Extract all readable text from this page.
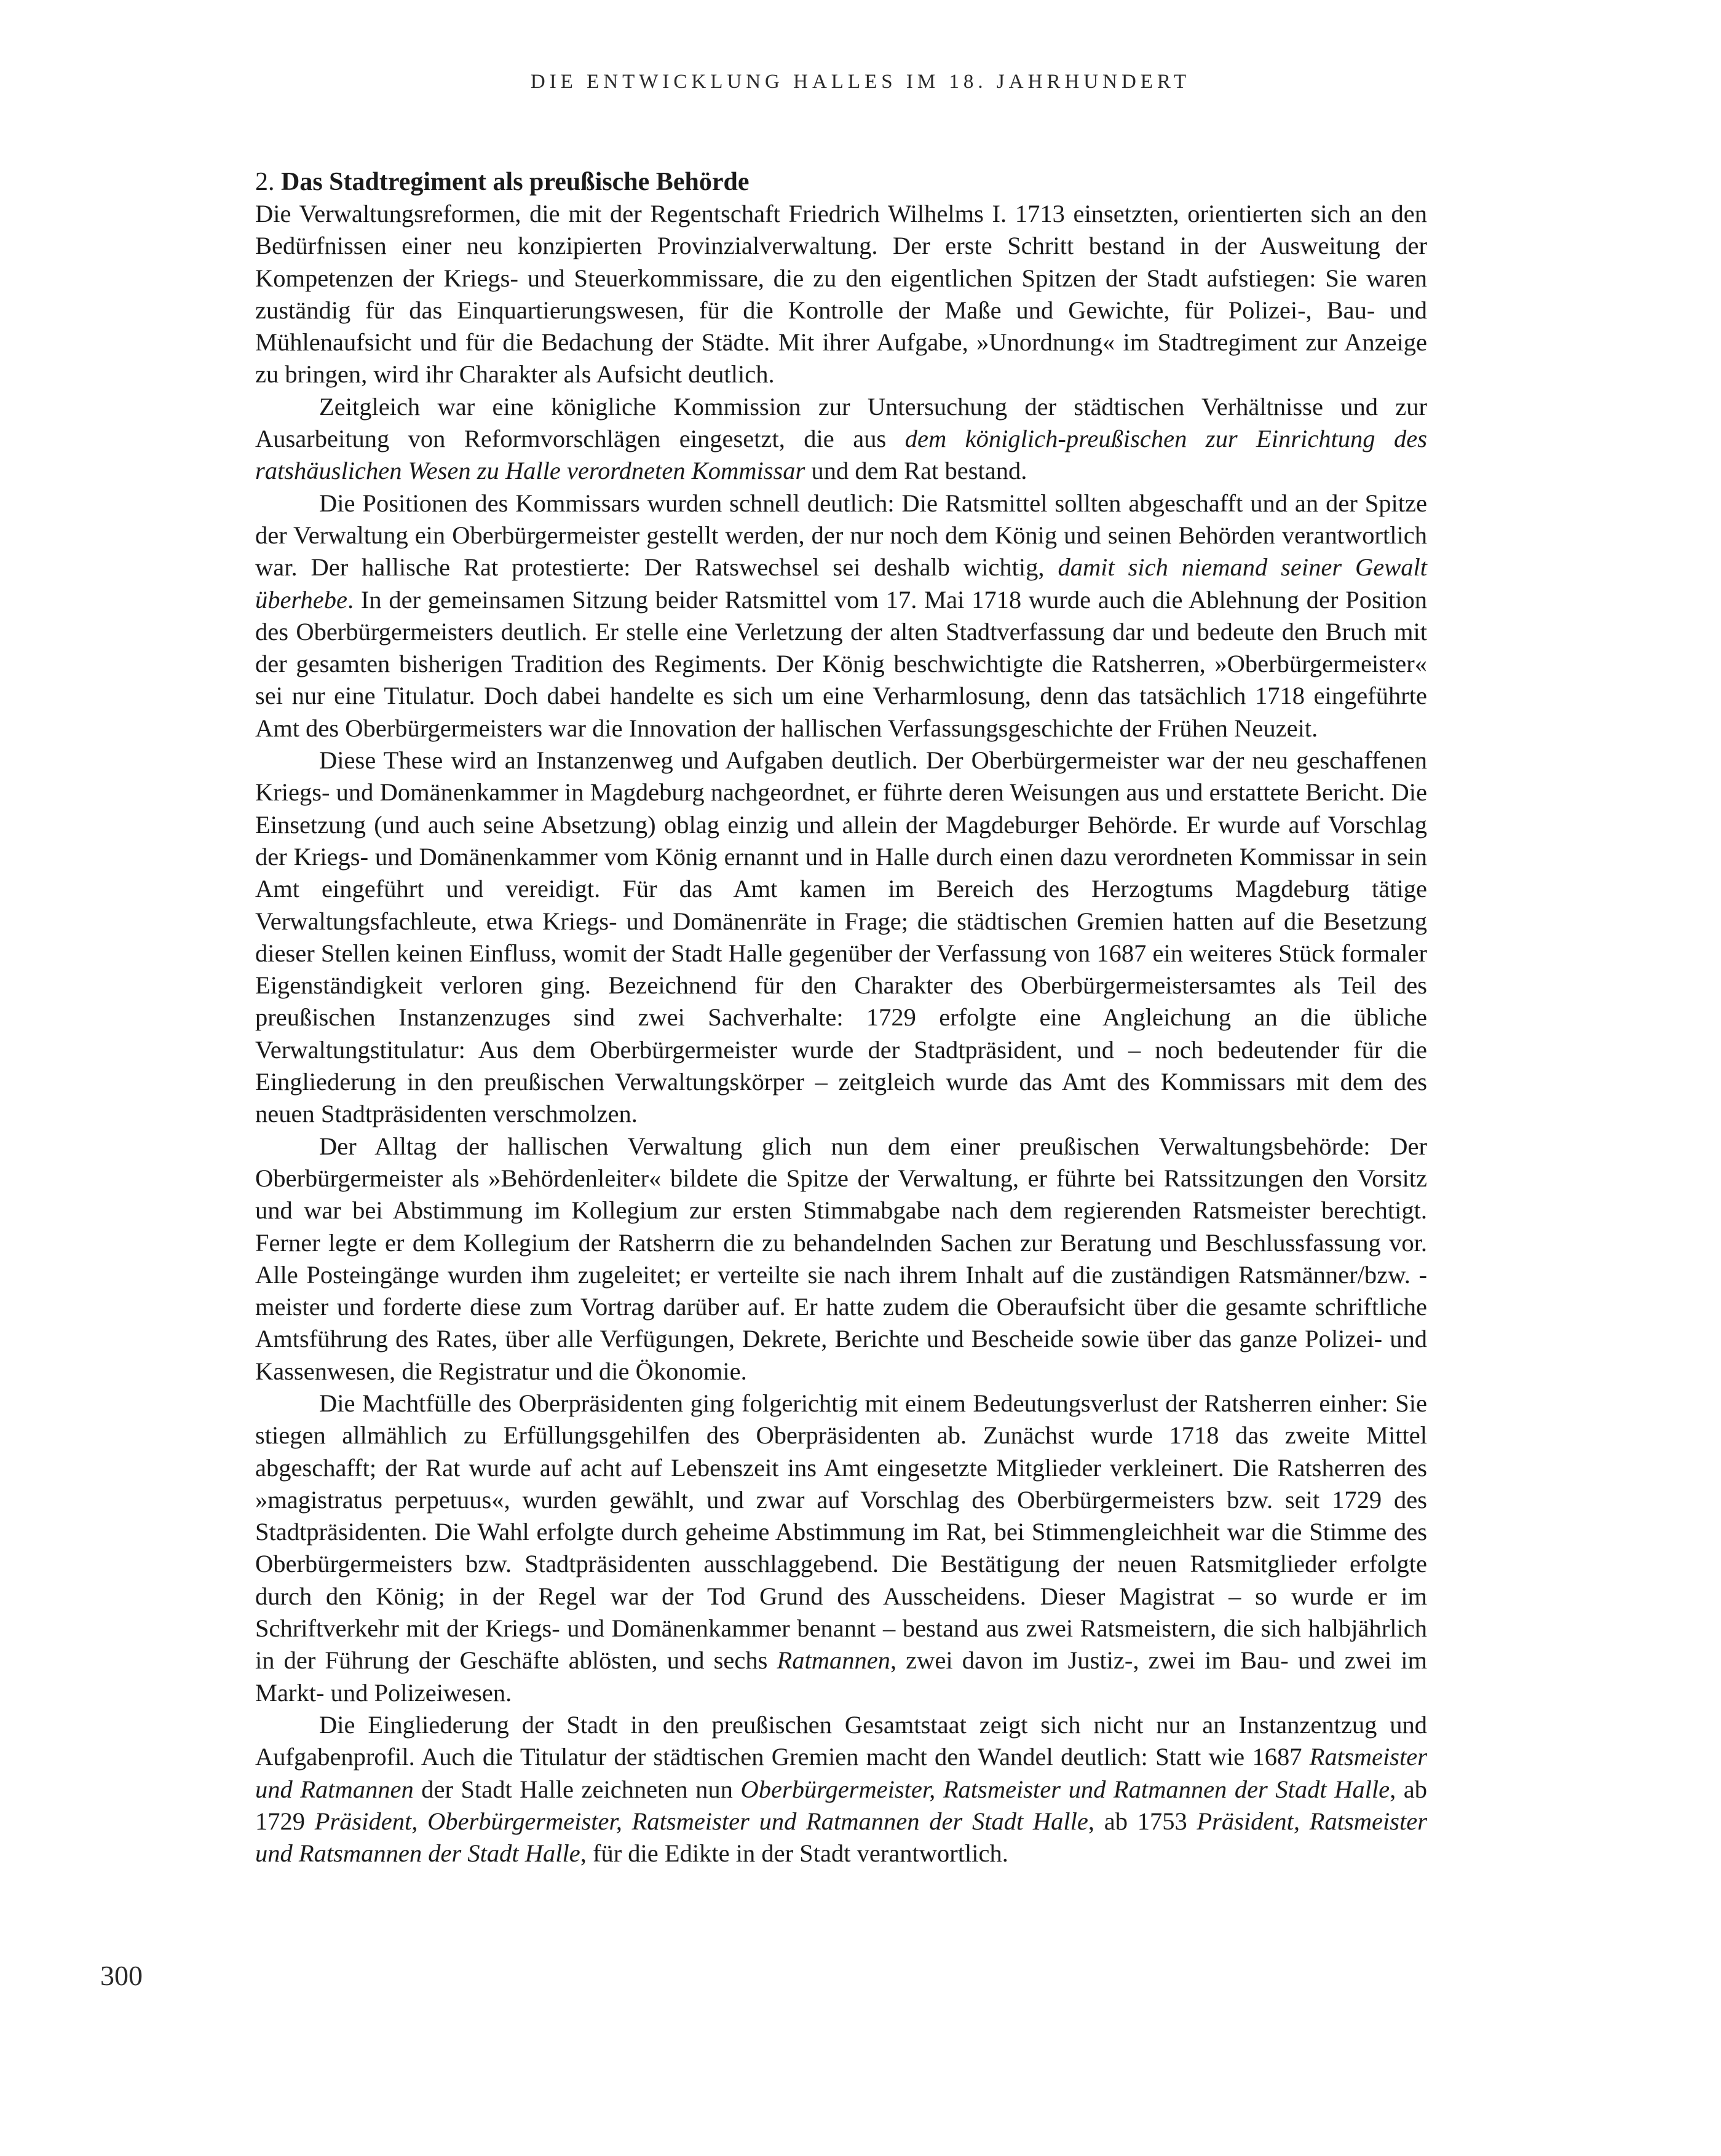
DIE ENTWICKLUNG HALLES IM 18. JAHRHUNDERT
2. Das Stadtregiment als preußische Behörde

Die Verwaltungsreformen, die mit der Regentschaft Friedrich Wilhelms I. 1713 einsetzten, orientierten sich an den Bedürfnissen einer neu konzipierten Provinzialverwaltung. Der erste Schritt bestand in der Ausweitung der Kompetenzen der Kriegs- und Steuerkommissare, die zu den eigentlichen Spitzen der Stadt aufstiegen: Sie waren zuständig für das Einquartierungswesen, für die Kontrolle der Maße und Gewichte, für Polizei-, Bau- und Mühlenaufsicht und für die Bedachung der Städte. Mit ihrer Aufgabe, »Unordnung« im Stadtregiment zur Anzeige zu bringen, wird ihr Charakter als Aufsicht deutlich.

Zeitgleich war eine königliche Kommission zur Untersuchung der städtischen Verhältnisse und zur Ausarbeitung von Reformvorschlägen eingesetzt, die aus dem königlich-preußischen zur Einrichtung des ratshäuslichen Wesen zu Halle verordneten Kommissar und dem Rat bestand.

Die Positionen des Kommissars wurden schnell deutlich: Die Ratsmittel sollten abgeschafft und an der Spitze der Verwaltung ein Oberbürgermeister gestellt werden, der nur noch dem König und seinen Behörden verantwortlich war. Der hallische Rat protestierte: Der Ratswechsel sei deshalb wichtig, damit sich niemand seiner Gewalt überhebe. In der gemeinsamen Sitzung beider Ratsmittel vom 17. Mai 1718 wurde auch die Ablehnung der Position des Oberbürgermeisters deutlich. Er stelle eine Verletzung der alten Stadtverfassung dar und bedeute den Bruch mit der gesamten bisherigen Tradition des Regiments. Der König beschwichtigte die Ratsherren, »Oberbürgermeister« sei nur eine Titulatur. Doch dabei handelte es sich um eine Verharmlosung, denn das tatsächlich 1718 eingeführte Amt des Oberbürgermeisters war die Innovation der hallischen Verfassungsgeschichte der Frühen Neuzeit.

Diese These wird an Instanzenweg und Aufgaben deutlich. Der Oberbürgermeister war der neu geschaffenen Kriegs- und Domänenkammer in Magdeburg nachgeordnet, er führte deren Weisungen aus und erstattete Bericht. Die Einsetzung (und auch seine Absetzung) oblag einzig und allein der Magdeburger Behörde. Er wurde auf Vorschlag der Kriegs- und Domänenkammer vom König ernannt und in Halle durch einen dazu verordneten Kommissar in sein Amt eingeführt und vereidigt. Für das Amt kamen im Bereich des Herzogtums Magdeburg tätige Verwaltungsfachleute, etwa Kriegs- und Domänenräte in Frage; die städtischen Gremien hatten auf die Besetzung dieser Stellen keinen Einfluss, womit der Stadt Halle gegenüber der Verfassung von 1687 ein weiteres Stück formaler Eigenständigkeit verloren ging. Bezeichnend für den Charakter des Oberbürgermeistersamtes als Teil des preußischen Instanzenzuges sind zwei Sachverhalte: 1729 erfolgte eine Angleichung an die übliche Verwaltungstitulatur: Aus dem Oberbürgermeister wurde der Stadtpräsident, und – noch bedeutender für die Eingliederung in den preußischen Verwaltungskörper – zeitgleich wurde das Amt des Kommissars mit dem des neuen Stadtpräsidenten verschmolzen.

Der Alltag der hallischen Verwaltung glich nun dem einer preußischen Verwaltungsbehörde: Der Oberbürgermeister als »Behördenleiter« bildete die Spitze der Verwaltung, er führte bei Ratssitzungen den Vorsitz und war bei Abstimmung im Kollegium zur ersten Stimmabgabe nach dem regierenden Ratsmeister berechtigt. Ferner legte er dem Kollegium der Ratsherrn die zu behandelnden Sachen zur Beratung und Beschlussfassung vor. Alle Posteingänge wurden ihm zugeleitet; er verteilte sie nach ihrem Inhalt auf die zuständigen Ratsmänner/bzw. -meister und forderte diese zum Vortrag darüber auf. Er hatte zudem die Oberaufsicht über die gesamte schriftliche Amtsführung des Rates, über alle Verfügungen, Dekrete, Berichte und Bescheide sowie über das ganze Polizei- und Kassenwesen, die Registratur und die Ökonomie.

Die Machtfülle des Oberpräsidenten ging folgerichtig mit einem Bedeutungsverlust der Ratsherren einher: Sie stiegen allmählich zu Erfüllungsgehilfen des Oberpräsidenten ab. Zunächst wurde 1718 das zweite Mittel abgeschafft; der Rat wurde auf acht auf Lebenszeit ins Amt eingesetzte Mitglieder verkleinert. Die Ratsherren des »magistratus perpetuus«, wurden gewählt, und zwar auf Vorschlag des Oberbürgermeisters bzw. seit 1729 des Stadtpräsidenten. Die Wahl erfolgte durch geheime Abstimmung im Rat, bei Stimmengleichheit war die Stimme des Oberbürgermeisters bzw. Stadtpräsidenten ausschlaggebend. Die Bestätigung der neuen Ratsmitglieder erfolgte durch den König; in der Regel war der Tod Grund des Ausscheidens. Dieser Magistrat – so wurde er im Schriftverkehr mit der Kriegs- und Domänenkammer benannt – bestand aus zwei Ratsmeistern, die sich halbjährlich in der Führung der Geschäfte ablösten, und sechs Ratmannen, zwei davon im Justiz-, zwei im Bau- und zwei im Markt- und Polizeiwesen.

Die Eingliederung der Stadt in den preußischen Gesamtstaat zeigt sich nicht nur an Instanzentzug und Aufgabenprofil. Auch die Titulatur der städtischen Gremien macht den Wandel deutlich: Statt wie 1687 Ratsmeister und Ratmannen der Stadt Halle zeichneten nun Oberbürgermeister, Ratsmeister und Ratmannen der Stadt Halle, ab 1729 Präsident, Oberbürgermeister, Ratsmeister und Ratmannen der Stadt Halle, ab 1753 Präsident, Ratsmeister und Ratsmannen der Stadt Halle, für die Edikte in der Stadt verantwortlich.

300
